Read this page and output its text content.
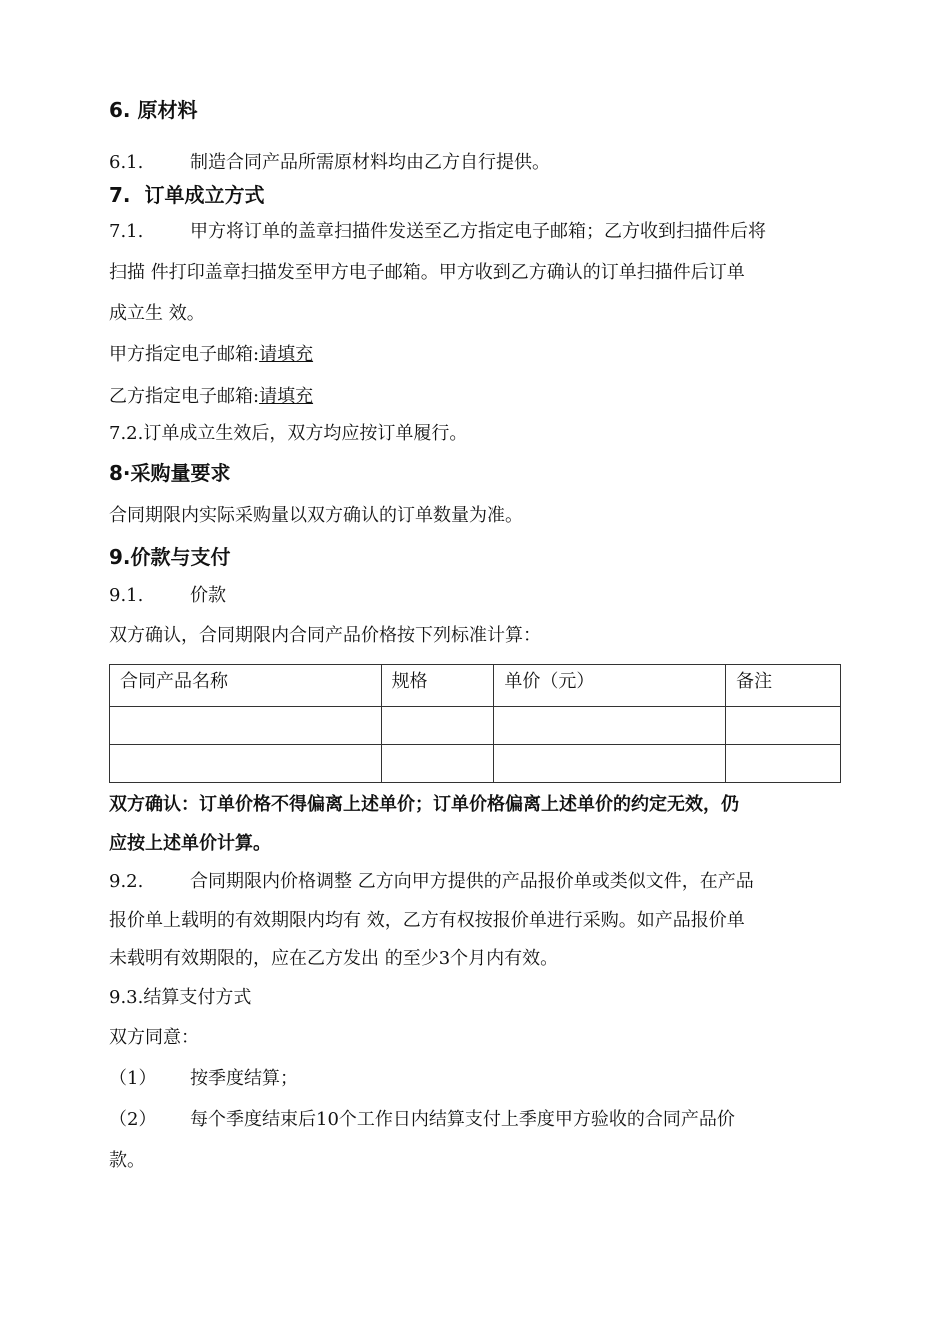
6. 原材料
6.1.	制造合同产品所需原材料均由乙方自行提供。
7.  订单成立方式
7.1.	甲方将订单的盖章扫描件发送至乙方指定电子邮箱；乙方收到扫描件后将
扫描 件打印盖章扫描发至甲方电子邮箱。甲方收到乙方确认的订单扫描件后订单
成立生 效。
甲方指定电子邮箱:请填充
乙方指定电子邮箱:请填充
7.2.订单成立生效后，双方均应按订单履行。
8·采购量要求
合同期限内实际采购量以双方确认的订单数量为准。
9.价款与支付
9.1.	价款
双方确认，合同期限内合同产品价格按下列标准计算：
合同产品名称	规格	单价（元）	备注

双方确认：订单价格不得偏离上述单价；订单价格偏离上述单价的约定无效，仍
应按上述单价计算。
9.2.	合同期限内价格调整 乙方向甲方提供的产品报价单或类似文件，在产品
报价单上载明的有效期限内均有 效，乙方有权按报价单进行采购。如产品报价单
未载明有效期限的，应在乙方发出 的至少3个月内有效。
9.3.结算支付方式
双方同意：
（1） 按季度结算；
（2） 每个季度结束后10个工作日内结算支付上季度甲方验收的合同产品价
款。
